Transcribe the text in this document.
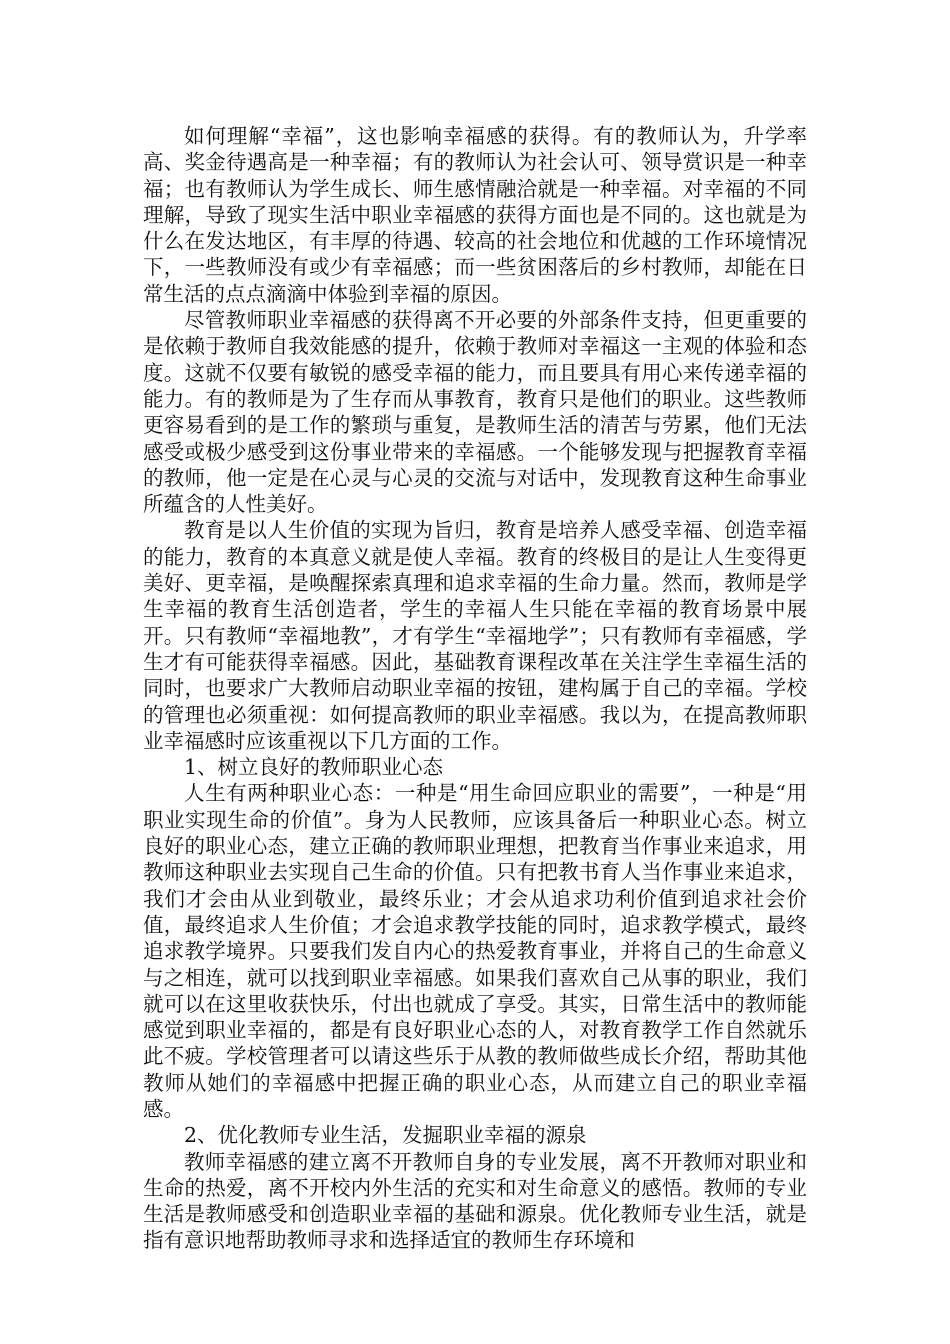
如何理解“幸福”，这也影响幸福感的获得。有的教师认为，升学率高、奖金待遇高是一种幸福；有的教师认为社会认可、领导赏识是一种幸福；也有教师认为学生成长、师生感情融洽就是一种幸福。对幸福的不同理解，导致了现实生活中职业幸福感的获得方面也是不同的。这也就是为什么在发达地区，有丰厚的待遇、较高的社会地位和优越的工作环境情况下，一些教师没有或少有幸福感；而一些贫困落后的乡村教师，却能在日常生活的点点滴滴中体验到幸福的原因。

尽管教师职业幸福感的获得离不开必要的外部条件支持，但更重要的是依赖于教师自我效能感的提升，依赖于教师对幸福这一主观的体验和态度。这就不仅要有敏锐的感受幸福的能力，而且要具有用心来传递幸福的能力。有的教师是为了生存而从事教育，教育只是他们的职业。这些教师更容易看到的是工作的繁琐与重复，是教师生活的清苦与劳累，他们无法感受或极少感受到这份事业带来的幸福感。一个能够发现与把握教育幸福的教师，他一定是在心灵与心灵的交流与对话中，发现教育这种生命事业所蕴含的人性美好。

教育是以人生价值的实现为旨归，教育是培养人感受幸福、创造幸福的能力，教育的本真意义就是使人幸福。教育的终极目的是让人生变得更美好、更幸福，是唤醒探索真理和追求幸福的生命力量。然而，教师是学生幸福的教育生活创造者，学生的幸福人生只能在幸福的教育场景中展开。只有教师“幸福地教”，才有学生“幸福地学”；只有教师有幸福感，学生才有可能获得幸福感。因此，基础教育课程改革在关注学生幸福生活的同时，也要求广大教师启动职业幸福的按钮，建构属于自己的幸福。学校的管理也必须重视：如何提高教师的职业幸福感。我以为，在提高教师职业幸福感时应该重视以下几方面的工作。

1、树立良好的教师职业心态

人生有两种职业心态：一种是“用生命回应职业的需要”，一种是“用职业实现生命的价值”。身为人民教师，应该具备后一种职业心态。树立良好的职业心态，建立正确的教师职业理想，把教育当作事业来追求，用教师这种职业去实现自己生命的价值。只有把教书育人当作事业来追求，我们才会由从业到敬业，最终乐业；才会从追求功利价值到追求社会价值，最终追求人生价值；才会追求教学技能的同时，追求教学模式，最终追求教学境界。只要我们发自内心的热爱教育事业，并将自己的生命意义与之相连，就可以找到职业幸福感。如果我们喜欢自己从事的职业，我们就可以在这里收获快乐，付出也就成了享受。其实，日常生活中的教师能感觉到职业幸福的，都是有良好职业心态的人，对教育教学工作自然就乐此不疲。学校管理者可以请这些乐于从教的教师做些成长介绍，帮助其他教师从她们的幸福感中把握正确的职业心态，从而建立自己的职业幸福感。

2、优化教师专业生活，发掘职业幸福的源泉

教师幸福感的建立离不开教师自身的专业发展，离不开教师对职业和生命的热爱，离不开校内外生活的充实和对生命意义的感悟。教师的专业生活是教师感受和创造职业幸福的基础和源泉。优化教师专业生活，就是指有意识地帮助教师寻求和选择适宜的教师生存环境和
